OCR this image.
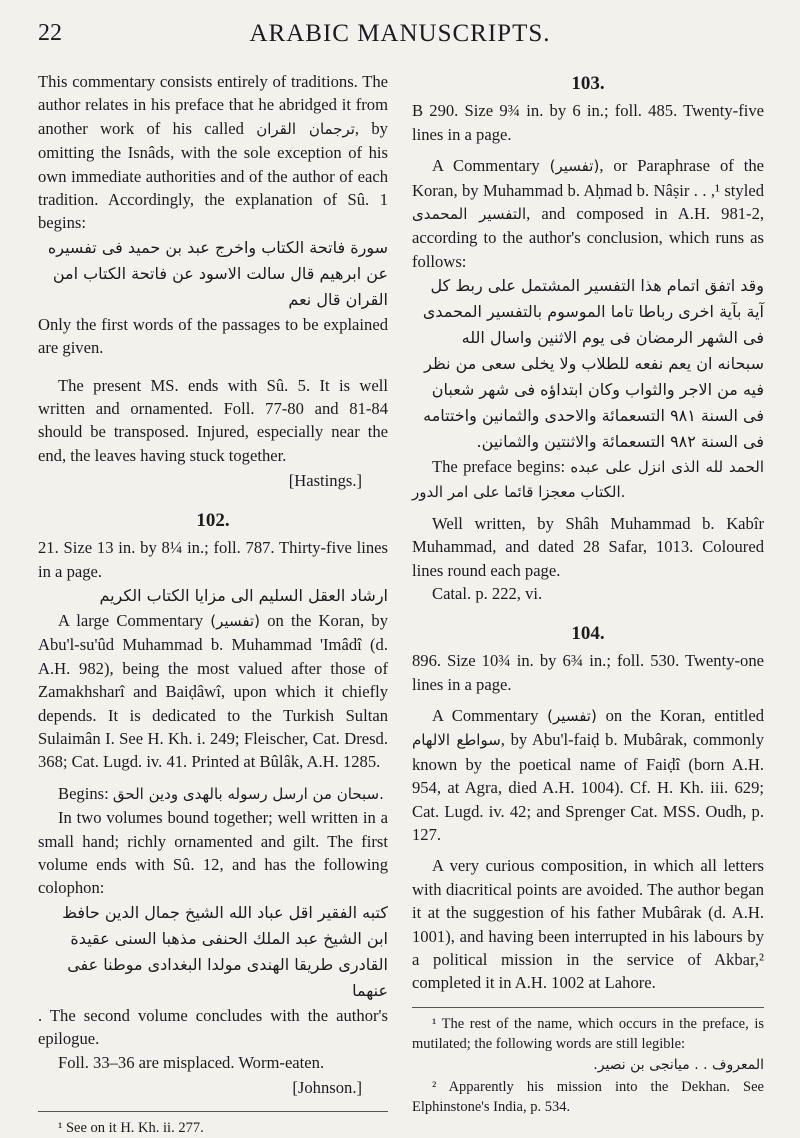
22	ARABIC MANUSCRIPTS.

This commentary consists entirely of traditions. The author relates in his preface that he abridged it from another work of his called ترجمان القران, by omitting the Isnâds, with the sole exception of his own immediate authorities and of the author of each tradition. Accordingly, the explanation of Sû. 1 begins:

سورة فاتحة الكتاب واخرج عبد بن حميد فى تفسيره عن ابرهيم قال سالت الاسود عن فاتحة الكتاب امن القران قال نعم

Only the first words of the passages to be explained are given.

The present MS. ends with Sû. 5. It is well written and ornamented. Foll. 77-80 and 81-84 should be transposed. Injured, especially near the end, the leaves having stuck together.

[Hastings.]
102.

21. Size 13 in. by 8¼ in.; foll. 787. Thirty-five lines in a page.

ارشاد العقل السليم الى مزايا الكتاب الكريم

A large Commentary (تفسير) on the Koran, by Abu'l-su'ûd Muhammad b. Muhammad 'Imâdî (d. A.H. 982), being the most valued after those of Zamakhsharî and Baiḍâwî, upon which it chiefly depends. It is dedicated to the Turkish Sultan Sulaimân I. See H. Kh. i. 249; Fleischer, Cat. Dresd. 368; Cat. Lugd. iv. 41. Printed at Bûlâk, A.H. 1285.

Begins: سبحان من ارسل رسوله بالهدى ودين الحق.

In two volumes bound together; well written in a small hand; richly ornamented and gilt. The first volume ends with Sû. 12, and has the following colophon:

كتبه الفقير اقل عباد الله الشيخ جمال الدين حافظ ابن الشيخ عبد الملك الحنفى مذهبا السنى عقيدة القادرى طريقا الهندى مولدا البغدادى موطنا عفى عنهما

. The second volume concludes with the author's epilogue.

Foll. 33–36 are misplaced. Worm-eaten.

[Johnson.]

¹ See on it H. Kh. ii. 277.

103.

B 290. Size 9¾ in. by 6 in.; foll. 485. Twenty-five lines in a page.

A Commentary (تفسير), or Paraphrase of the Koran, by Muhammad b. Aḥmad b. Nâṣir . . ,¹ styled التفسير المحمدى, and composed in A.H. 981-2, according to the author's conclusion, which runs as follows:

وقد اتفق اتمام هذا التفسير المشتمل على ربط كل آية بآية اخرى رباطا تاما الموسوم بالتفسير المحمدى فى الشهر الرمضان فى يوم الاثنين واسال الله سبحانه ان يعم نفعه للطلاب ولا يخلى سعى من نظر فيه من الاجر والثواب وكان ابتداؤه فى شهر شعبان فى السنة ٩٨١ التسعمائة والاحدى والثمانين واختتامه فى السنة ٩٨٢ التسعمائة والاثنتين والثمانين.

The preface begins: الحمد لله الذى انزل على عبده الكتاب معجزا قائما على امر الدور.

Well written, by Shâh Muhammad b. Kabîr Muhammad, and dated 28 Safar, 1013. Coloured lines round each page.

Catal. p. 222, vi.

104.

896. Size 10¾ in. by 6¾ in.; foll. 530. Twenty-one lines in a page.

A Commentary (تفسير) on the Koran, entitled سواطع الالهام, by Abu'l-faiḍ b. Mubârak, commonly known by the poetical name of Faiḍî (born A.H. 954, at Agra, died A.H. 1004). Cf. H. Kh. iii. 629; Cat. Lugd. iv. 42; and Sprenger Cat. MSS. Oudh, p. 127.

A very curious composition, in which all letters with diacritical points are avoided. The author began it at the suggestion of his father Mubârak (d. A.H. 1001), and having been interrupted in his labours by a political mission in the service of Akbar,² completed it in A.H. 1002 at Lahore.

¹ The rest of the name, which occurs in the preface, is mutilated; the following words are still legible:

المعروف . . ميانجى بن نصير.

² Apparently his mission into the Dekhan. See Elphinstone's India, p. 534.
